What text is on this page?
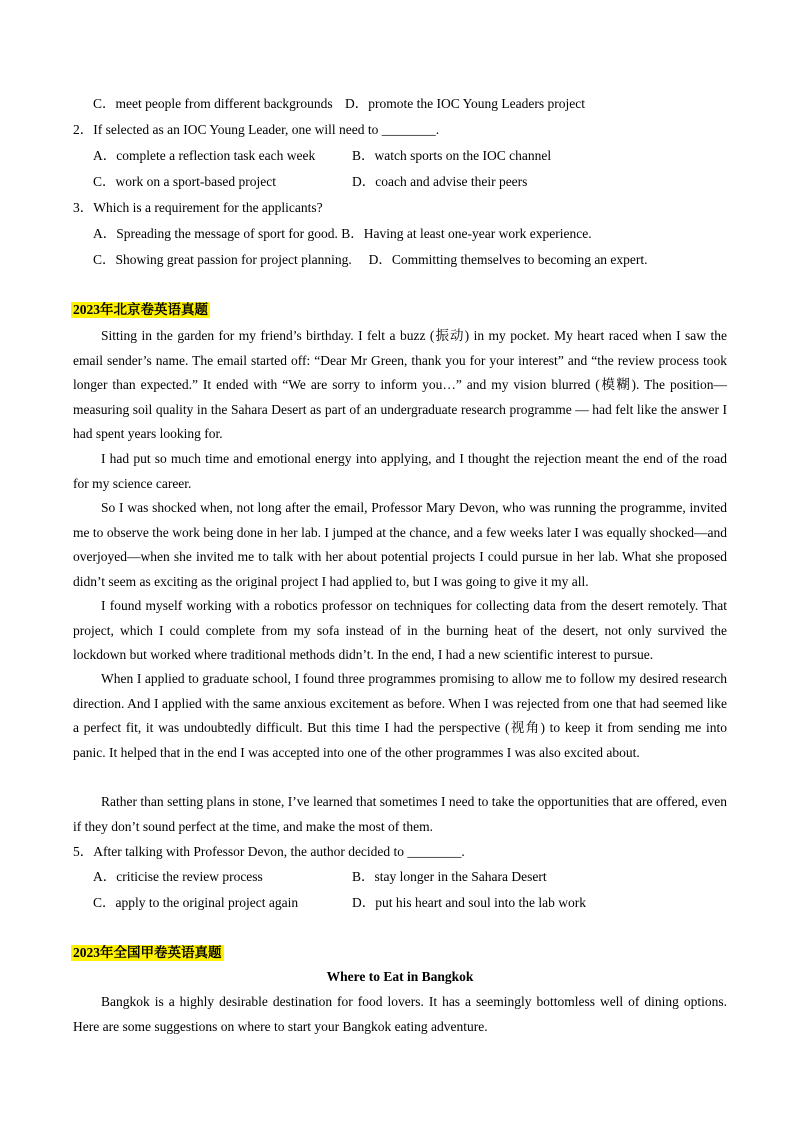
C．meet people from different backgrounds D．promote the IOC Young Leaders project
2．If selected as an IOC Young Leader, one will need to ________.
A．complete a reflection task each week	B．watch sports on the IOC channel
C．work on a sport-based project	D．coach and advise their peers
3．Which is a requirement for the applicants?
A．Spreading the message of sport for good. B．Having at least one-year work experience.
C．Showing great passion for project planning.     D．Committing themselves to becoming an expert.
2023年北京卷英语真题

Sitting in the garden for my friend’s birthday. I felt a buzz (振动) in my pocket. My heart raced when I saw the email sender’s name. The email started off: “Dear Mr Green, thank you for your interest” and “the review process took longer than expected.” It ended with “We are sorry to inform you…” and my vision blurred (模糊). The position—measuring soil quality in the Sahara Desert as part of an undergraduate research programme — had felt like the answer I had spent years looking for.

I had put so much time and emotional energy into applying, and I thought the rejection meant the end of the road for my science career.

So I was shocked when, not long after the email, Professor Mary Devon, who was running the programme, invited me to observe the work being done in her lab. I jumped at the chance, and a few weeks later I was equally shocked—and overjoyed—when she invited me to talk with her about potential projects I could pursue in her lab. What she proposed didn’t seem as exciting as the original project I had applied to, but I was going to give it my all.

I found myself working with a robotics professor on techniques for collecting data from the desert remotely. That project, which I could complete from my sofa instead of in the burning heat of the desert, not only survived the lockdown but worked where traditional methods didn’t. In the end, I had a new scientific interest to pursue.

When I applied to graduate school, I found three programmes promising to allow me to follow my desired research direction. And I applied with the same anxious excitement as before. When I was rejected from one that had seemed like a perfect fit, it was undoubtedly difficult. But this time I had the perspective (视角) to keep it from sending me into panic. It helped that in the end I was accepted into one of the other programmes I was also excited about.

Rather than setting plans in stone, I’ve learned that sometimes I need to take the opportunities that are offered, even if they don’t sound perfect at the time, and make the most of them.

5．After talking with Professor Devon, the author decided to ________.
A．criticise the review process	B．stay longer in the Sahara Desert
C．apply to the original project again	D．put his heart and soul into the lab work
2023年全国甲卷英语真题
Where to Eat in Bangkok

Bangkok is a highly desirable destination for food lovers. It has a seemingly bottomless well of dining options. Here are some suggestions on where to start your Bangkok eating adventure.
